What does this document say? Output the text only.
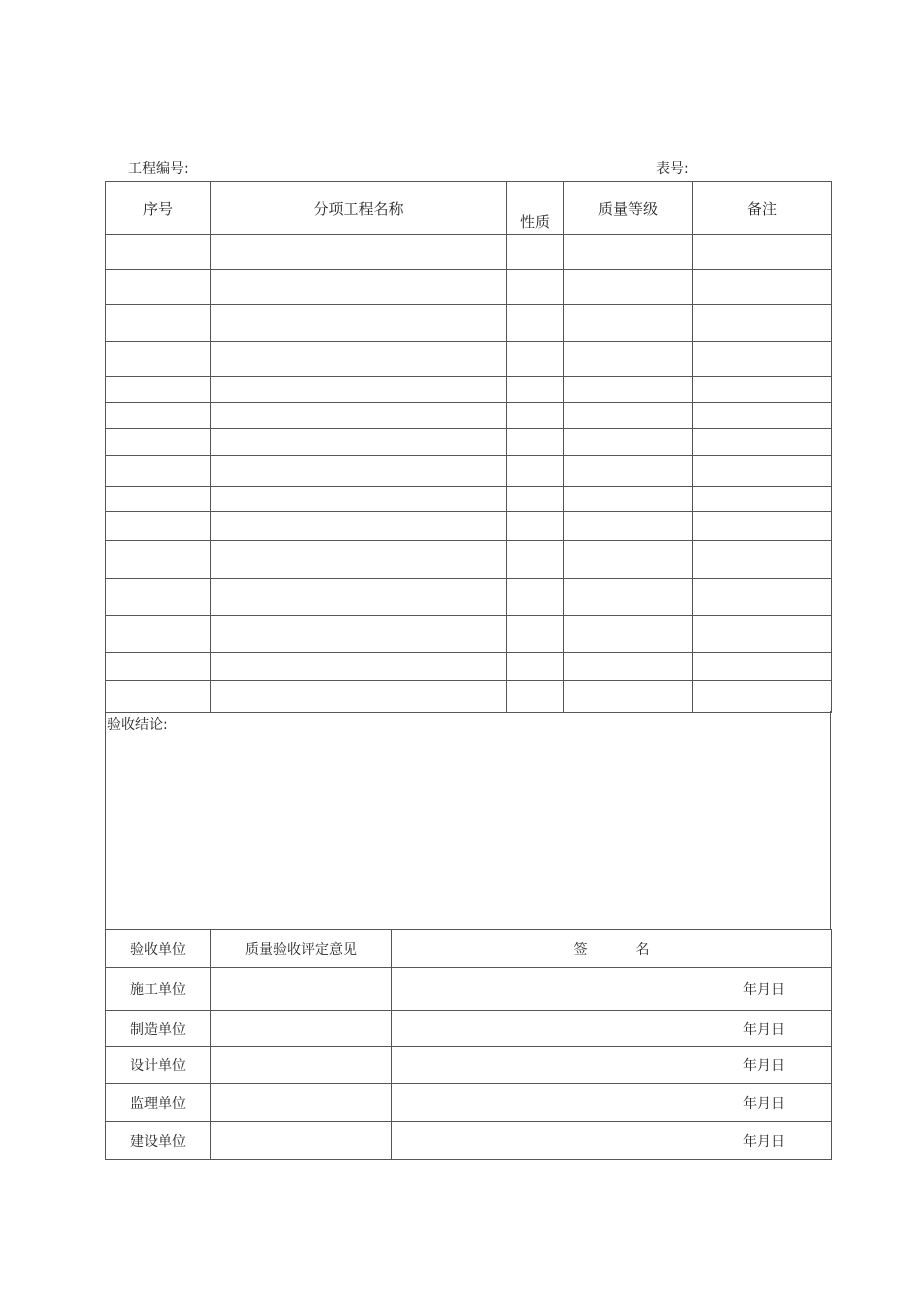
工程编号:	表号:
序号	分项工程名称	性质	质量等级	备注

验收结论:
验收单位	质量验收评定意见	签 名
施工单位		年月日
制造单位		年月日
设计单位		年月日
监理单位		年月日
建设单位		年月日
